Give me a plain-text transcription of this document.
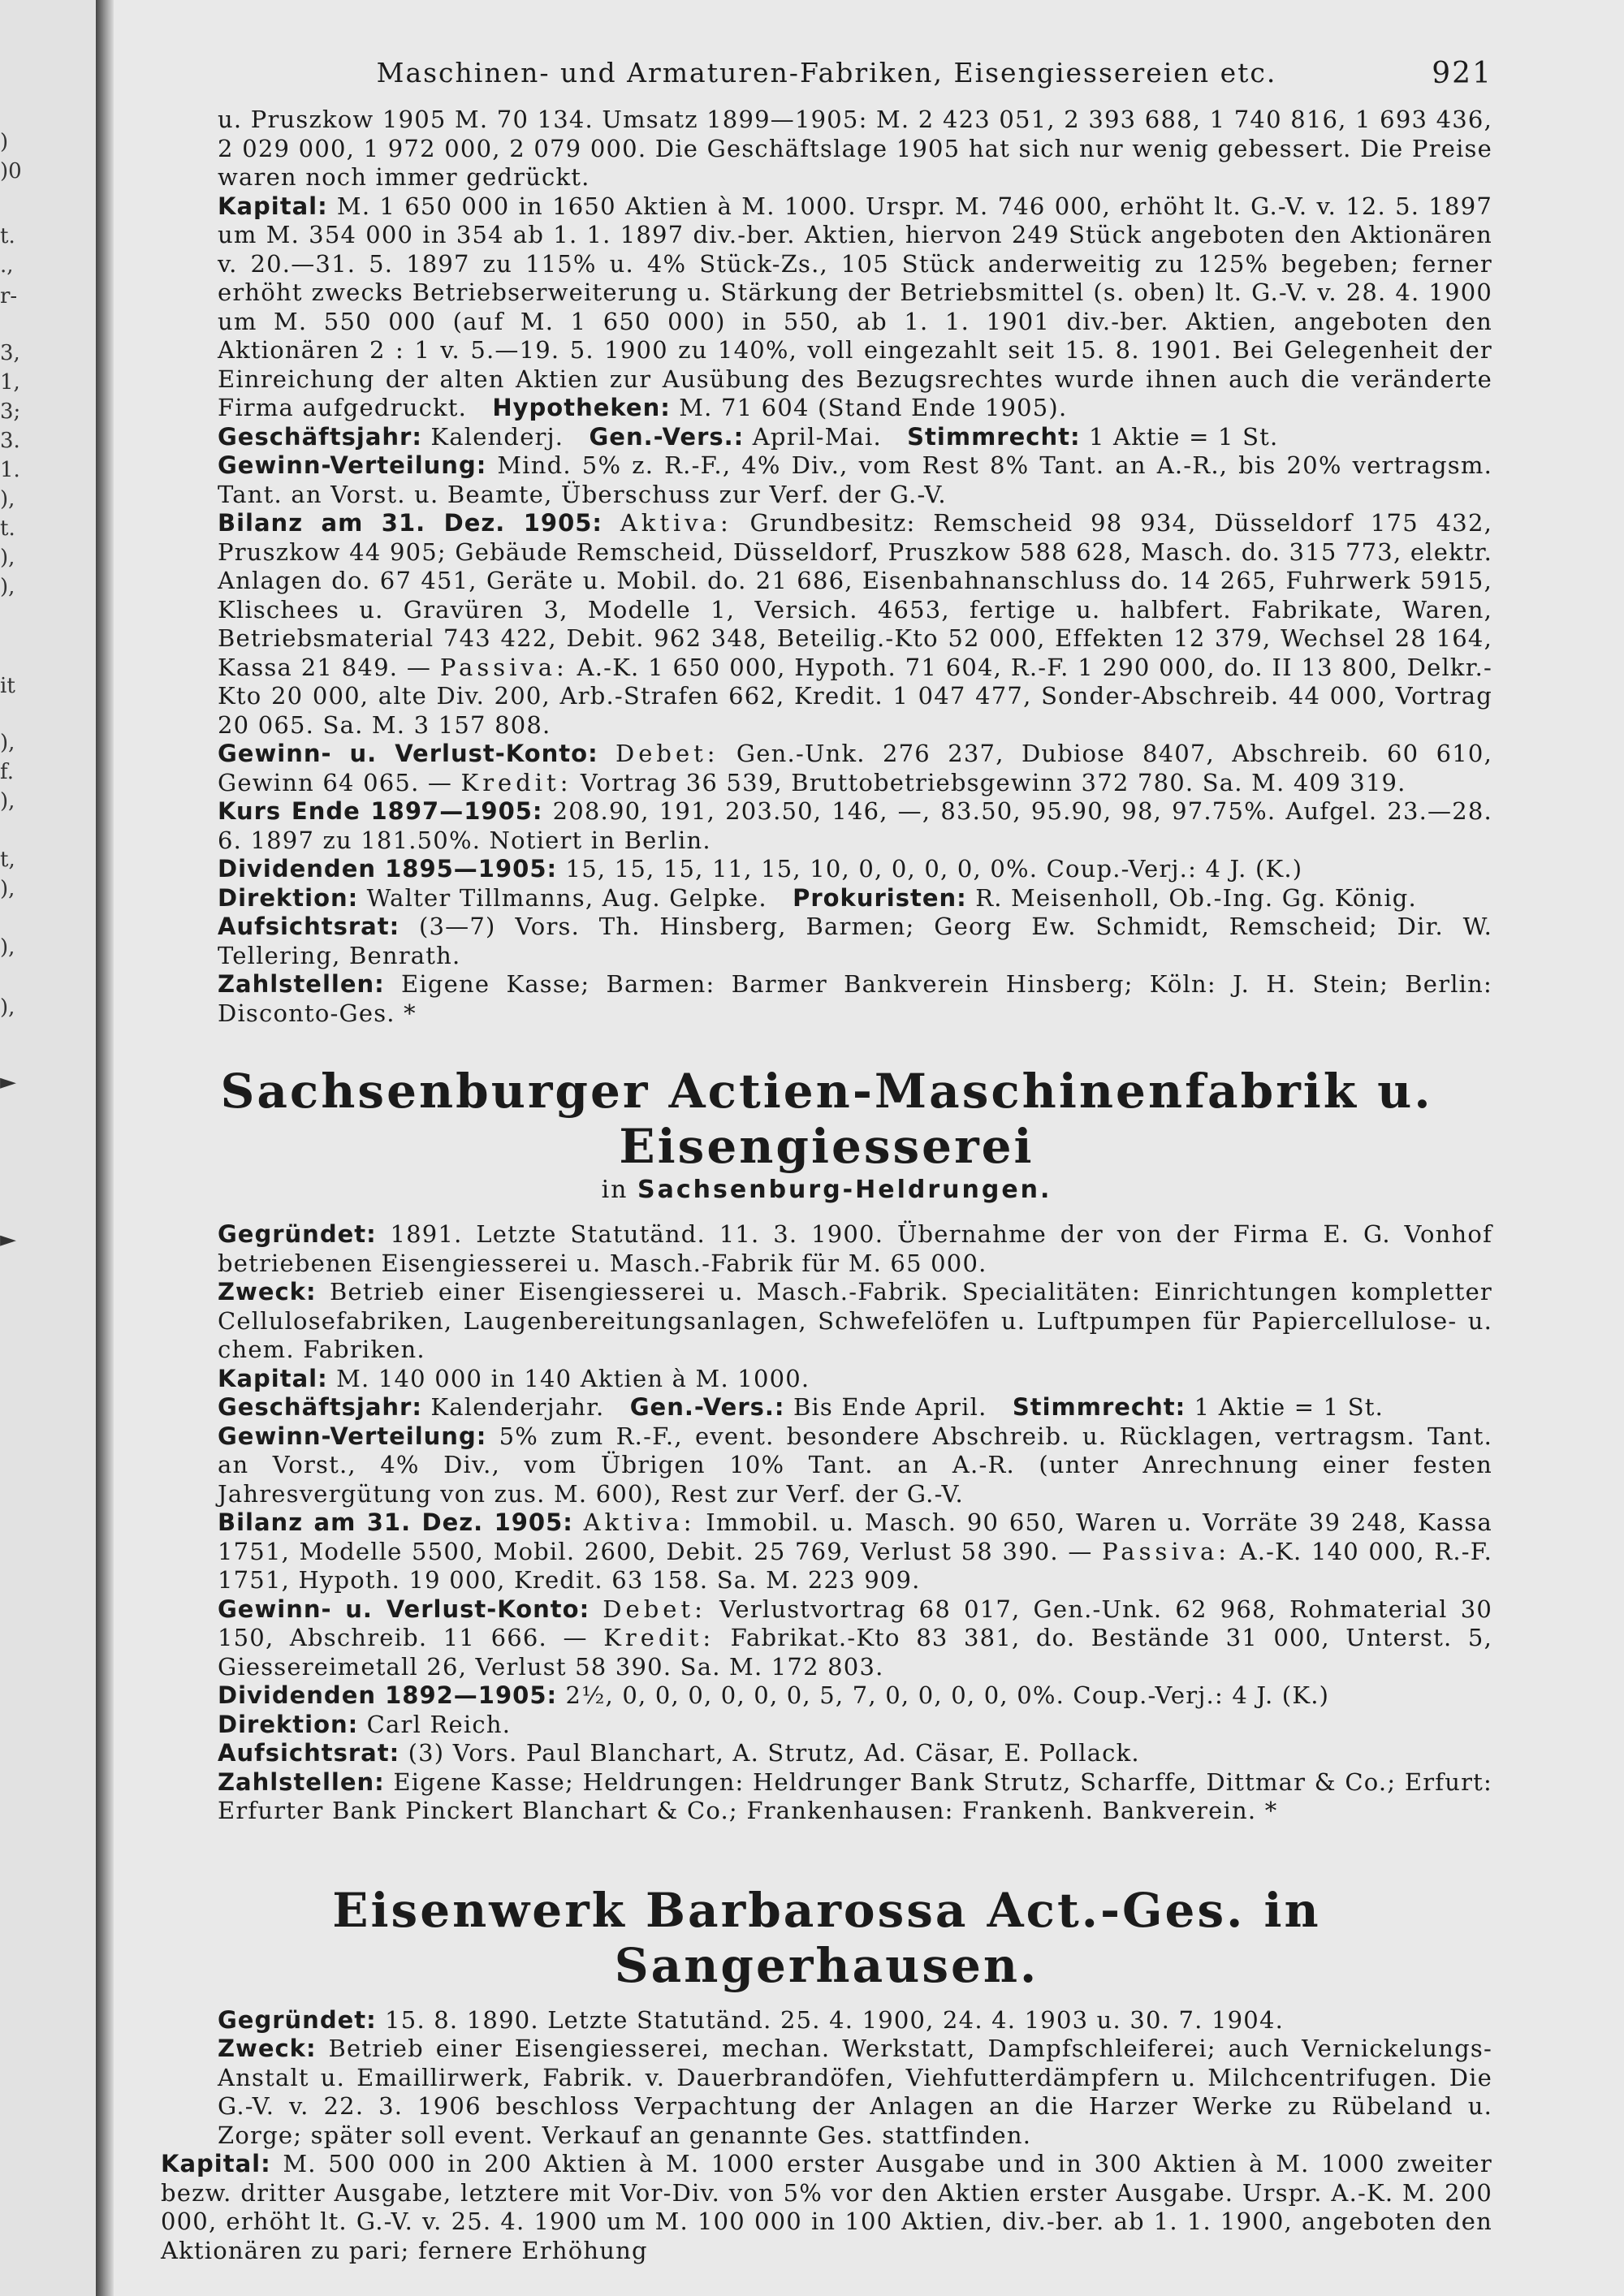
)
)0
t.
.,
r-
3,
1,
3;
3.
1.
),
t.
),
),
it
),
f.
),
t,
),
),
),
►
►
Maschinen- und Armaturen-Fabriken, Eisengiessereien etc.	921

u. Pruszkow 1905 M. 70 134. Umsatz 1899—1905: M. 2 423 051, 2 393 688, 1 740 816, 1 693 436, 2 029 000, 1 972 000, 2 079 000. Die Geschäftslage 1905 hat sich nur wenig gebessert. Die Preise waren noch immer gedrückt.

Kapital: M. 1 650 000 in 1650 Aktien à M. 1000. Urspr. M. 746 000, erhöht lt. G.-V. v. 12. 5. 1897 um M. 354 000 in 354 ab 1. 1. 1897 div.-ber. Aktien, hiervon 249 Stück angeboten den Aktionären v. 20.—31. 5. 1897 zu 115% u. 4% Stück-Zs., 105 Stück anderweitig zu 125% begeben; ferner erhöht zwecks Betriebserweiterung u. Stärkung der Betriebsmittel (s. oben) lt. G.-V. v. 28. 4. 1900 um M. 550 000 (auf M. 1 650 000) in 550, ab 1. 1. 1901 div.-ber. Aktien, angeboten den Aktionären 2 : 1 v. 5.—19. 5. 1900 zu 140%, voll eingezahlt seit 15. 8. 1901. Bei Gelegenheit der Einreichung der alten Aktien zur Ausübung des Bezugsrechtes wurde ihnen auch die veränderte Firma aufgedruckt. Hypotheken: M. 71 604 (Stand Ende 1905).

Geschäftsjahr: Kalenderj. Gen.-Vers.: April-Mai. Stimmrecht: 1 Aktie = 1 St.

Gewinn-Verteilung: Mind. 5% z. R.-F., 4% Div., vom Rest 8% Tant. an A.-R., bis 20% vertragsm. Tant. an Vorst. u. Beamte, Überschuss zur Verf. der G.-V.

Bilanz am 31. Dez. 1905: Aktiva: Grundbesitz: Remscheid 98 934, Düsseldorf 175 432, Pruszkow 44 905; Gebäude Remscheid, Düsseldorf, Pruszkow 588 628, Masch. do. 315 773, elektr. Anlagen do. 67 451, Geräte u. Mobil. do. 21 686, Eisenbahnanschluss do. 14 265, Fuhrwerk 5915, Klischees u. Gravüren 3, Modelle 1, Versich. 4653, fertige u. halbfert. Fabrikate, Waren, Betriebsmaterial 743 422, Debit. 962 348, Beteilig.-Kto 52 000, Effekten 12 379, Wechsel 28 164, Kassa 21 849. — Passiva: A.-K. 1 650 000, Hypoth. 71 604, R.-F. 1 290 000, do. II 13 800, Delkr.-Kto 20 000, alte Div. 200, Arb.-Strafen 662, Kredit. 1 047 477, Sonder-Abschreib. 44 000, Vortrag 20 065. Sa. M. 3 157 808.

Gewinn- u. Verlust-Konto: Debet: Gen.-Unk. 276 237, Dubiose 8407, Abschreib. 60 610, Gewinn 64 065. — Kredit: Vortrag 36 539, Bruttobetriebsgewinn 372 780. Sa. M. 409 319.

Kurs Ende 1897—1905: 208.90, 191, 203.50, 146, —, 83.50, 95.90, 98, 97.75%. Aufgel. 23.—28. 6. 1897 zu 181.50%. Notiert in Berlin.

Dividenden 1895—1905: 15, 15, 15, 11, 15, 10, 0, 0, 0, 0, 0%. Coup.-Verj.: 4 J. (K.)

Direktion: Walter Tillmanns, Aug. Gelpke. Prokuristen: R. Meisenholl, Ob.-Ing. Gg. König.

Aufsichtsrat: (3—7) Vors. Th. Hinsberg, Barmen; Georg Ew. Schmidt, Remscheid; Dir. W. Tellering, Benrath.

Zahlstellen: Eigene Kasse; Barmen: Barmer Bankverein Hinsberg; Köln: J. H. Stein; Berlin: Disconto-Ges. *

Sachsenburger Actien-Maschinenfabrik u. Eisengiesserei
in Sachsenburg-Heldrungen.

Gegründet: 1891. Letzte Statutänd. 11. 3. 1900. Übernahme der von der Firma E. G. Vonhof betriebenen Eisengiesserei u. Masch.-Fabrik für M. 65 000.

Zweck: Betrieb einer Eisengiesserei u. Masch.-Fabrik. Specialitäten: Einrichtungen kompletter Cellulosefabriken, Laugenbereitungsanlagen, Schwefelöfen u. Luftpumpen für Papiercellulose- u. chem. Fabriken.

Kapital: M. 140 000 in 140 Aktien à M. 1000.

Geschäftsjahr: Kalenderjahr. Gen.-Vers.: Bis Ende April. Stimmrecht: 1 Aktie = 1 St.

Gewinn-Verteilung: 5% zum R.-F., event. besondere Abschreib. u. Rücklagen, vertragsm. Tant. an Vorst., 4% Div., vom Übrigen 10% Tant. an A.-R. (unter Anrechnung einer festen Jahresvergütung von zus. M. 600), Rest zur Verf. der G.-V.

Bilanz am 31. Dez. 1905: Aktiva: Immobil. u. Masch. 90 650, Waren u. Vorräte 39 248, Kassa 1751, Modelle 5500, Mobil. 2600, Debit. 25 769, Verlust 58 390. — Passiva: A.-K. 140 000, R.-F. 1751, Hypoth. 19 000, Kredit. 63 158. Sa. M. 223 909.

Gewinn- u. Verlust-Konto: Debet: Verlustvortrag 68 017, Gen.-Unk. 62 968, Rohmaterial 30 150, Abschreib. 11 666. — Kredit: Fabrikat.-Kto 83 381, do. Bestände 31 000, Unterst. 5, Giessereimetall 26, Verlust 58 390. Sa. M. 172 803.

Dividenden 1892—1905: 2½, 0, 0, 0, 0, 0, 0, 5, 7, 0, 0, 0, 0, 0%. Coup.-Verj.: 4 J. (K.)

Direktion: Carl Reich.

Aufsichtsrat: (3) Vors. Paul Blanchart, A. Strutz, Ad. Cäsar, E. Pollack.

Zahlstellen: Eigene Kasse; Heldrungen: Heldrunger Bank Strutz, Scharffe, Dittmar & Co.; Erfurt: Erfurter Bank Pinckert Blanchart & Co.; Frankenhausen: Frankenh. Bankverein. *

Eisenwerk Barbarossa Act.-Ges. in Sangerhausen.

Gegründet: 15. 8. 1890. Letzte Statutänd. 25. 4. 1900, 24. 4. 1903 u. 30. 7. 1904.

Zweck: Betrieb einer Eisengiesserei, mechan. Werkstatt, Dampfschleiferei; auch Vernickelungs-Anstalt u. Emaillirwerk, Fabrik. v. Dauerbrandöfen, Viehfutterdämpfern u. Milchcentrifugen. Die G.-V. v. 22. 3. 1906 beschloss Verpachtung der Anlagen an die Harzer Werke zu Rübeland u. Zorge; später soll event. Verkauf an genannte Ges. stattfinden.

Kapital: M. 500 000 in 200 Aktien à M. 1000 erster Ausgabe und in 300 Aktien à M. 1000 zweiter bezw. dritter Ausgabe, letztere mit Vor-Div. von 5% vor den Aktien erster Ausgabe. Urspr. A.-K. M. 200 000, erhöht lt. G.-V. v. 25. 4. 1900 um M. 100 000 in 100 Aktien, div.-ber. ab 1. 1. 1900, angeboten den Aktionären zu pari; fernere Erhöhung
